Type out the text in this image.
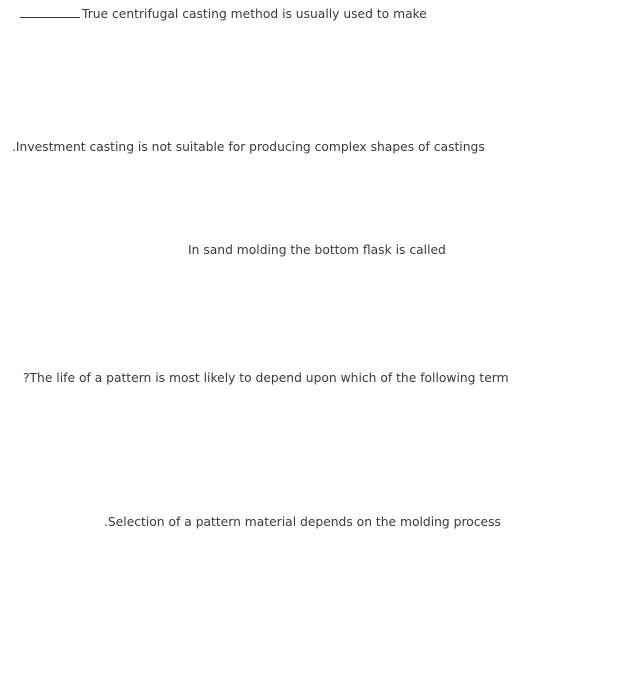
True centrifugal casting method is usually used to make
.Investment casting is not suitable for producing complex shapes of castings
In sand molding the bottom flask is called
?The life of a pattern is most likely to depend upon which of the following term
.Selection of a pattern material depends on the molding process
